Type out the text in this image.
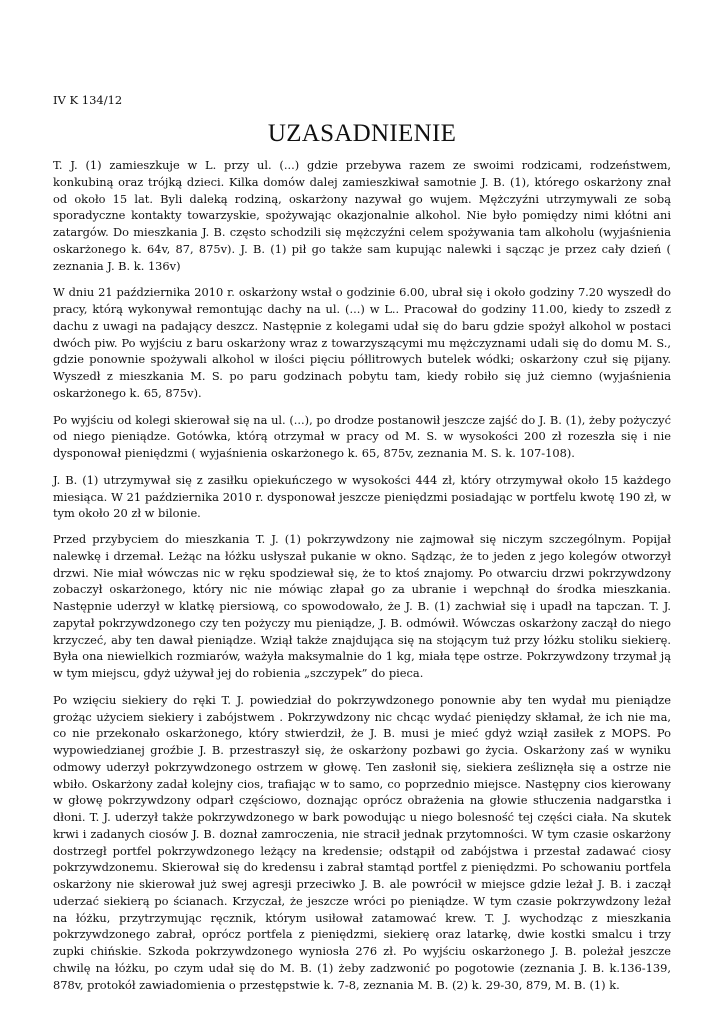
IV K 134/12
UZASADNIENIE

T. J. (1) zamieszkuje w L. przy ul. (...) gdzie przebywa razem ze swoimi rodzicami, rodzeństwem, konkubiną oraz trójką dzieci. Kilka domów dalej zamieszkiwał samotnie J. B. (1), którego oskarżony znał od około 15 lat. Byli daleką rodziną, oskarżony nazywał go wujem. Mężczyźni utrzymywali ze sobą sporadyczne kontakty towarzyskie, spożywając okazjonalnie alkohol. Nie było pomiędzy nimi kłótni ani zatargów. Do mieszkania J. B. często schodzili się mężczyźni celem spożywania tam alkoholu (wyjaśnienia oskarżonego k. 64v, 87, 875v). J. B. (1) pił go także sam kupując nalewki i sącząc je przez cały dzień ( zeznania J. B. k. 136v)

W dniu 21 października 2010 r. oskarżony wstał o godzinie 6.00, ubrał się i około godziny 7.20 wyszedł do pracy, którą wykonywał remontując dachy na ul. (...) w L.. Pracował do godziny 11.00, kiedy to zszedł z dachu z uwagi na padający deszcz. Następnie z kolegami udał się do baru gdzie spożył alkohol w postaci dwóch piw. Po wyjściu z baru oskarżony wraz z towarzyszącymi mu mężczyznami udali się do domu M. S., gdzie ponownie spożywali alkohol w ilości pięciu półlitrowych butelek wódki; oskarżony czuł się pijany. Wyszedł z mieszkania M. S. po paru godzinach pobytu tam, kiedy robiło się już ciemno (wyjaśnienia oskarżonego k. 65, 875v).

Po wyjściu od kolegi skierował się na ul. (...), po drodze postanowił jeszcze zajść do J. B. (1), żeby pożyczyć od niego pieniądze. Gotówka, którą otrzymał w pracy od M. S. w wysokości 200 zł rozeszła się i nie dysponował pieniędzmi ( wyjaśnienia oskarżonego k. 65, 875v, zeznania M. S. k. 107-108).

J. B. (1) utrzymywał się z zasiłku opiekuńczego w wysokości 444 zł, który otrzymywał około 15 każdego miesiąca. W 21 października 2010 r. dysponował jeszcze pieniędzmi posiadając w portfelu kwotę 190 zł, w tym około 20 zł w bilonie.

Przed przybyciem do mieszkania T. J. (1) pokrzywdzony nie zajmował się niczym szczególnym. Popijał nalewkę i drzemał. Leżąc na łóżku usłyszał pukanie w okno. Sądząc, że to jeden z jego kolegów otworzył drzwi. Nie miał wówczas nic w ręku spodziewał się, że to ktoś znajomy. Po otwarciu drzwi pokrzywdzony zobaczył oskarżonego, który nic nie mówiąc złapał go za ubranie i wepchnął do środka mieszkania. Następnie uderzył w klatkę piersiową, co spowodowało, że J. B. (1) zachwiał się i upadł na tapczan. T. J. zapytał pokrzywdzonego czy ten pożyczy mu pieniądze, J. B. odmówił. Wówczas oskarżony zaczął do niego krzyczeć, aby ten dawał pieniądze. Wziął także znajdująca się na stojącym tuż przy łóżku stoliku siekierę. Była ona niewielkich rozmiarów, ważyła maksymalnie do 1 kg, miała tępe ostrze. Pokrzywdzony trzymał ją w tym miejscu, gdyż używał jej do robienia „szczypek” do pieca.

Po wzięciu siekiery do ręki T. J. powiedział do pokrzywdzonego ponownie aby ten wydał mu pieniądze grożąc użyciem siekiery i zabójstwem . Pokrzywdzony nic chcąc wydać pieniędzy skłamał, że ich nie ma, co nie przekonało oskarżonego, który stwierdził, że J. B. musi je mieć gdyż wziął zasiłek z MOPS. Po wypowiedzianej groźbie J. B. przestraszył się, że oskarżony pozbawi go życia. Oskarżony zaś w wyniku odmowy uderzył pokrzywdzonego ostrzem w głowę. Ten zasłonił się, siekiera ześliznęła się a ostrze nie wbiło. Oskarżony zadał kolejny cios, trafiając w to samo, co poprzednio miejsce. Następny cios kierowany w głowę pokrzywdzony odparł częściowo, doznając oprócz obrażenia na głowie stłuczenia nadgarstka i dłoni. T. J. uderzył także pokrzywdzonego w bark powodując u niego bolesność tej części ciała. Na skutek krwi i zadanych ciosów J. B. doznał zamroczenia, nie stracił jednak przytomności. W tym czasie oskarżony dostrzegł portfel pokrzywdzonego leżący na kredensie; odstąpił od zabójstwa i przestał zadawać ciosy pokrzywdzonemu. Skierował się do kredensu i zabrał stamtąd portfel z pieniędzmi. Po schowaniu portfela oskarżony nie skierował już swej agresji przeciwko J. B. ale powrócił w miejsce gdzie leżał J. B. i zaczął uderzać siekierą po ścianach. Krzyczał, że jeszcze wróci po pieniądze. W tym czasie pokrzywdzony leżał na łóżku, przytrzymując ręcznik, którym usiłował zatamować krew. T. J. wychodząc z mieszkania pokrzywdzonego zabrał, oprócz portfela z pieniędzmi, siekierę oraz latarkę, dwie kostki smalcu i trzy zupki chińskie. Szkoda pokrzywdzonego wyniosła 276 zł. Po wyjściu oskarżonego J. B. poleżał jeszcze chwilę na łóżku, po czym udał się do M. B. (1) żeby zadzwonić po pogotowie (zeznania J. B. k.136-139, 878v, protokół zawiadomienia o przestępstwie k. 7-8, zeznania M. B. (2) k. 29-30, 879, M. B. (1) k.
